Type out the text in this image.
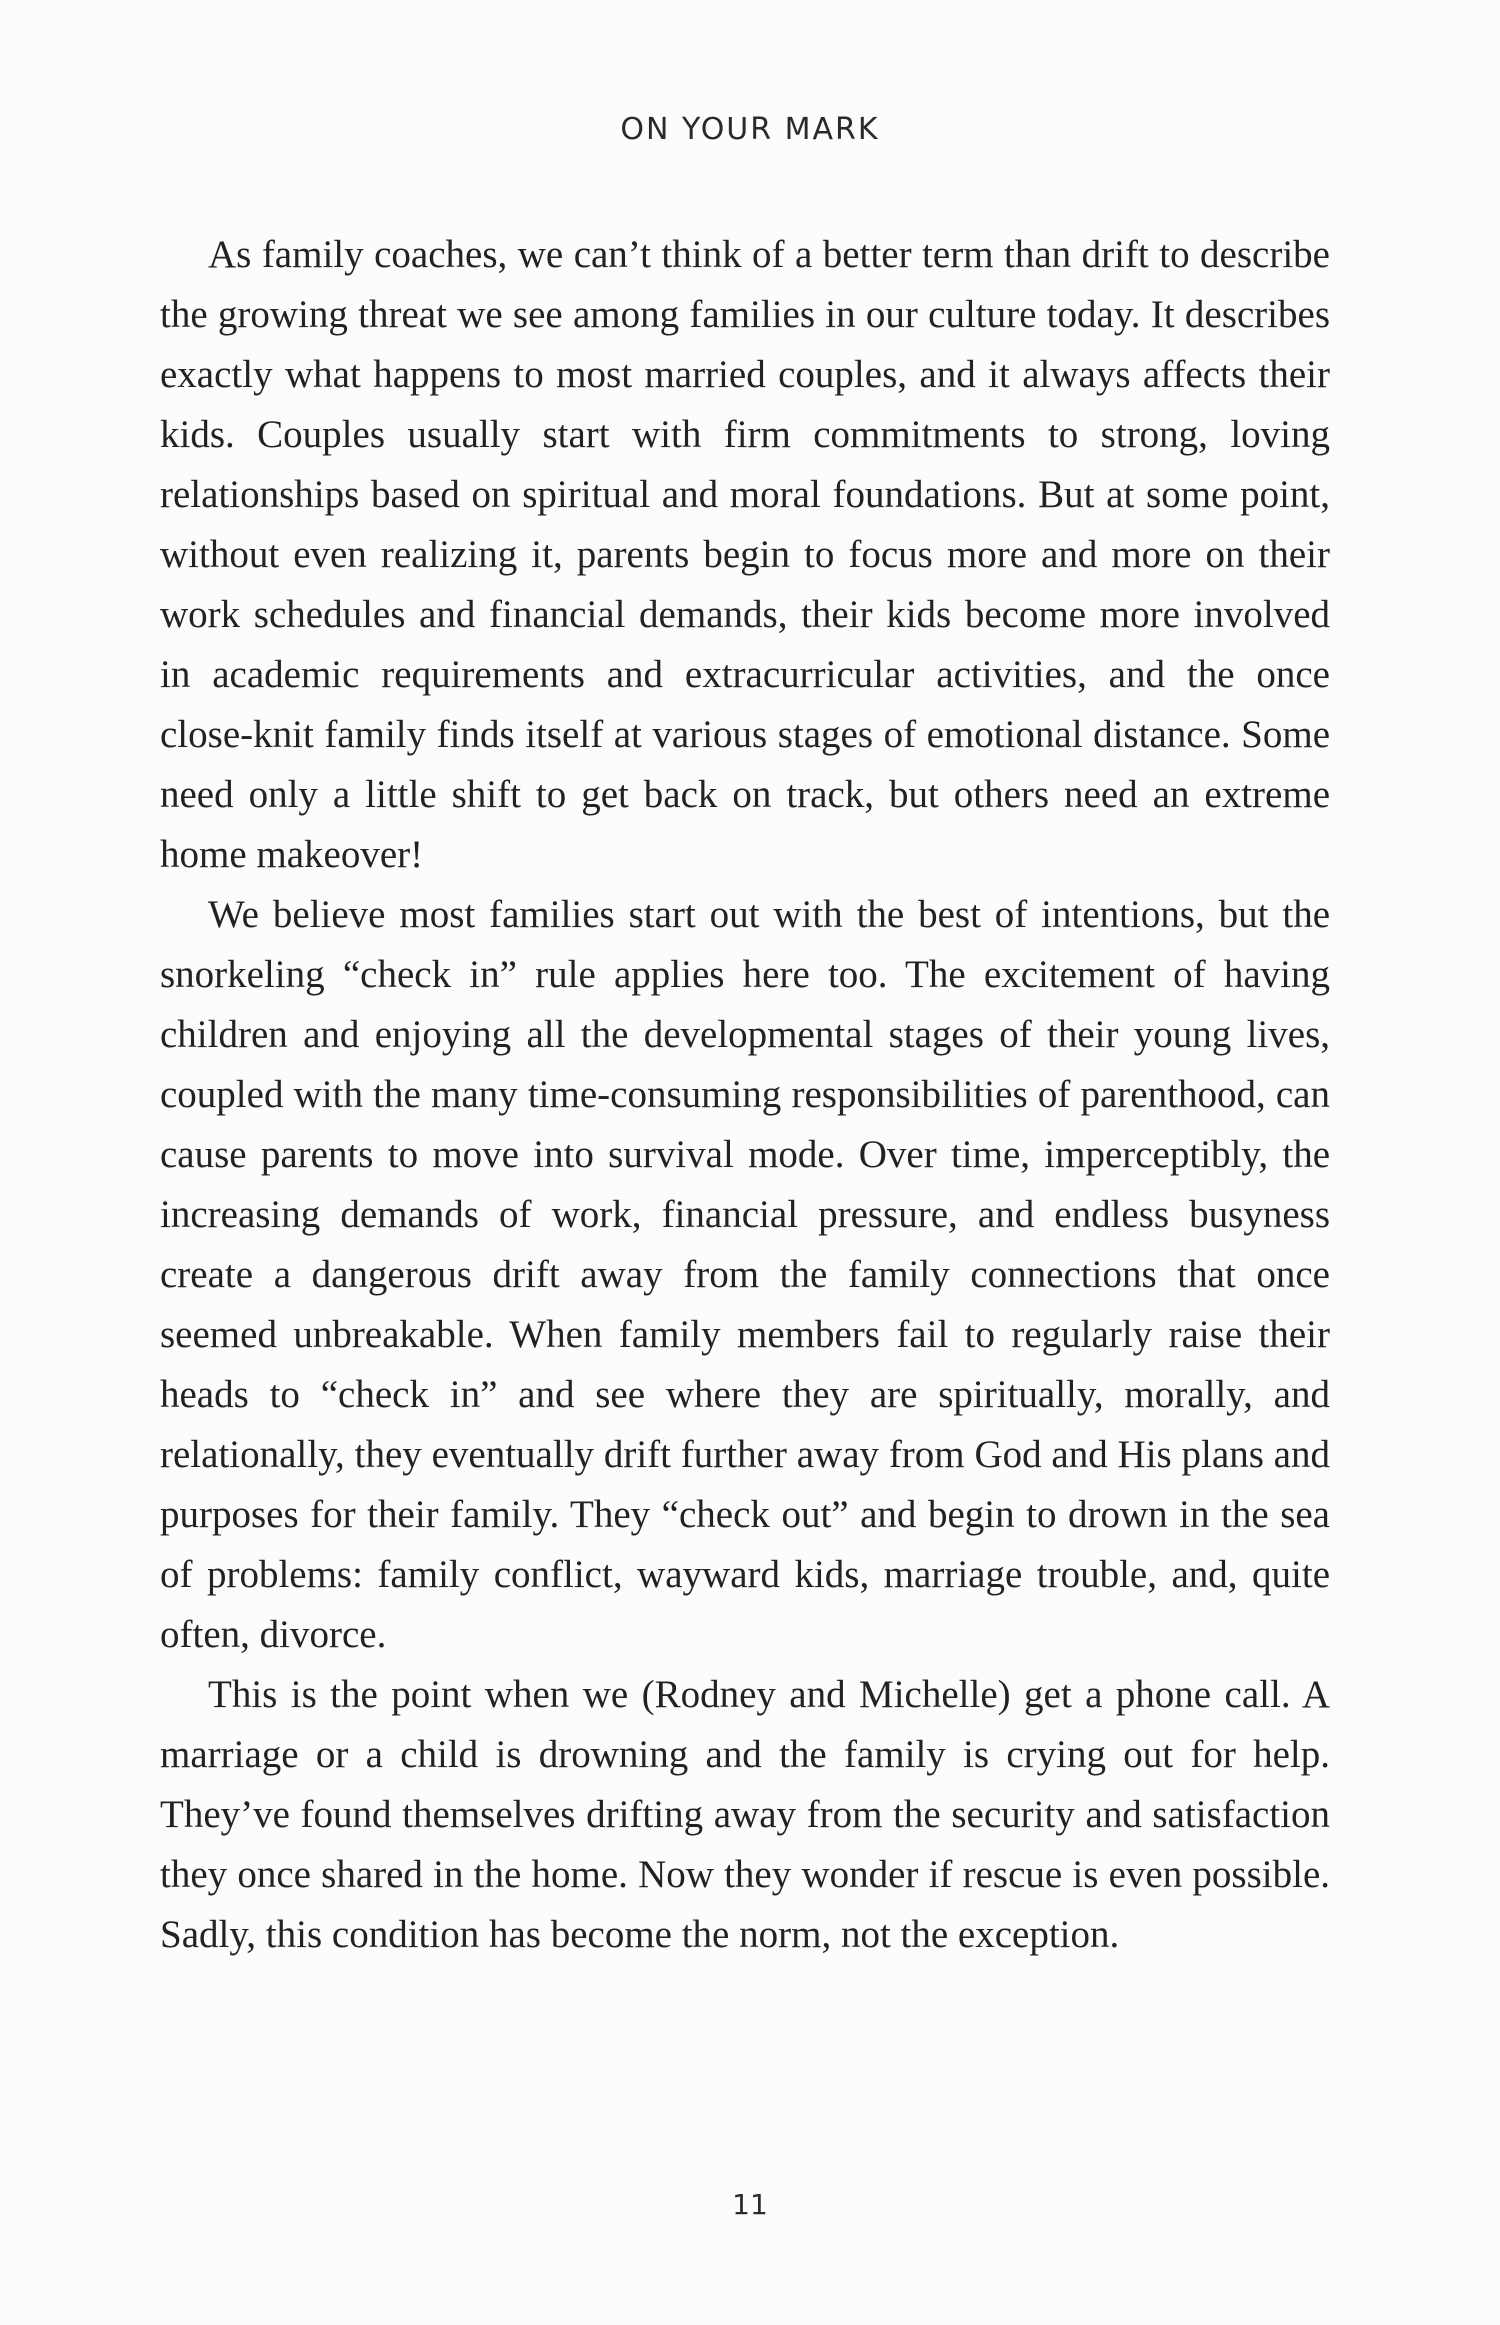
ON YOUR MARK

As family coaches, we can’t think of a better term than drift to describe the growing threat we see among families in our culture today. It describes exactly what happens to most married couples, and it always affects their kids. Couples usually start with firm commitments to strong, loving relationships based on spiritual and moral foundations. But at some point, without even realizing it, parents begin to focus more and more on their work schedules and financial demands, their kids become more involved in academic requirements and extracurricular activities, and the once close-knit family finds itself at various stages of emotional distance. Some need only a little shift to get back on track, but others need an extreme home makeover!

We believe most families start out with the best of intentions, but the snorkeling “check in” rule applies here too. The excitement of having children and enjoying all the developmental stages of their young lives, coupled with the many time-consuming responsibilities of parenthood, can cause parents to move into survival mode. Over time, imperceptibly, the increasing demands of work, financial pressure, and endless busyness create a dangerous drift away from the family connections that once seemed unbreakable. When family members fail to regularly raise their heads to “check in” and see where they are spiritually, morally, and relationally, they eventually drift further away from God and His plans and purposes for their family. They “check out” and begin to drown in the sea of problems: family conflict, wayward kids, marriage trouble, and, quite often, divorce.

This is the point when we (Rodney and Michelle) get a phone call. A marriage or a child is drowning and the family is crying out for help. They’ve found themselves drifting away from the security and satisfaction they once shared in the home. Now they wonder if rescue is even possible. Sadly, this condition has become the norm, not the exception.

11
